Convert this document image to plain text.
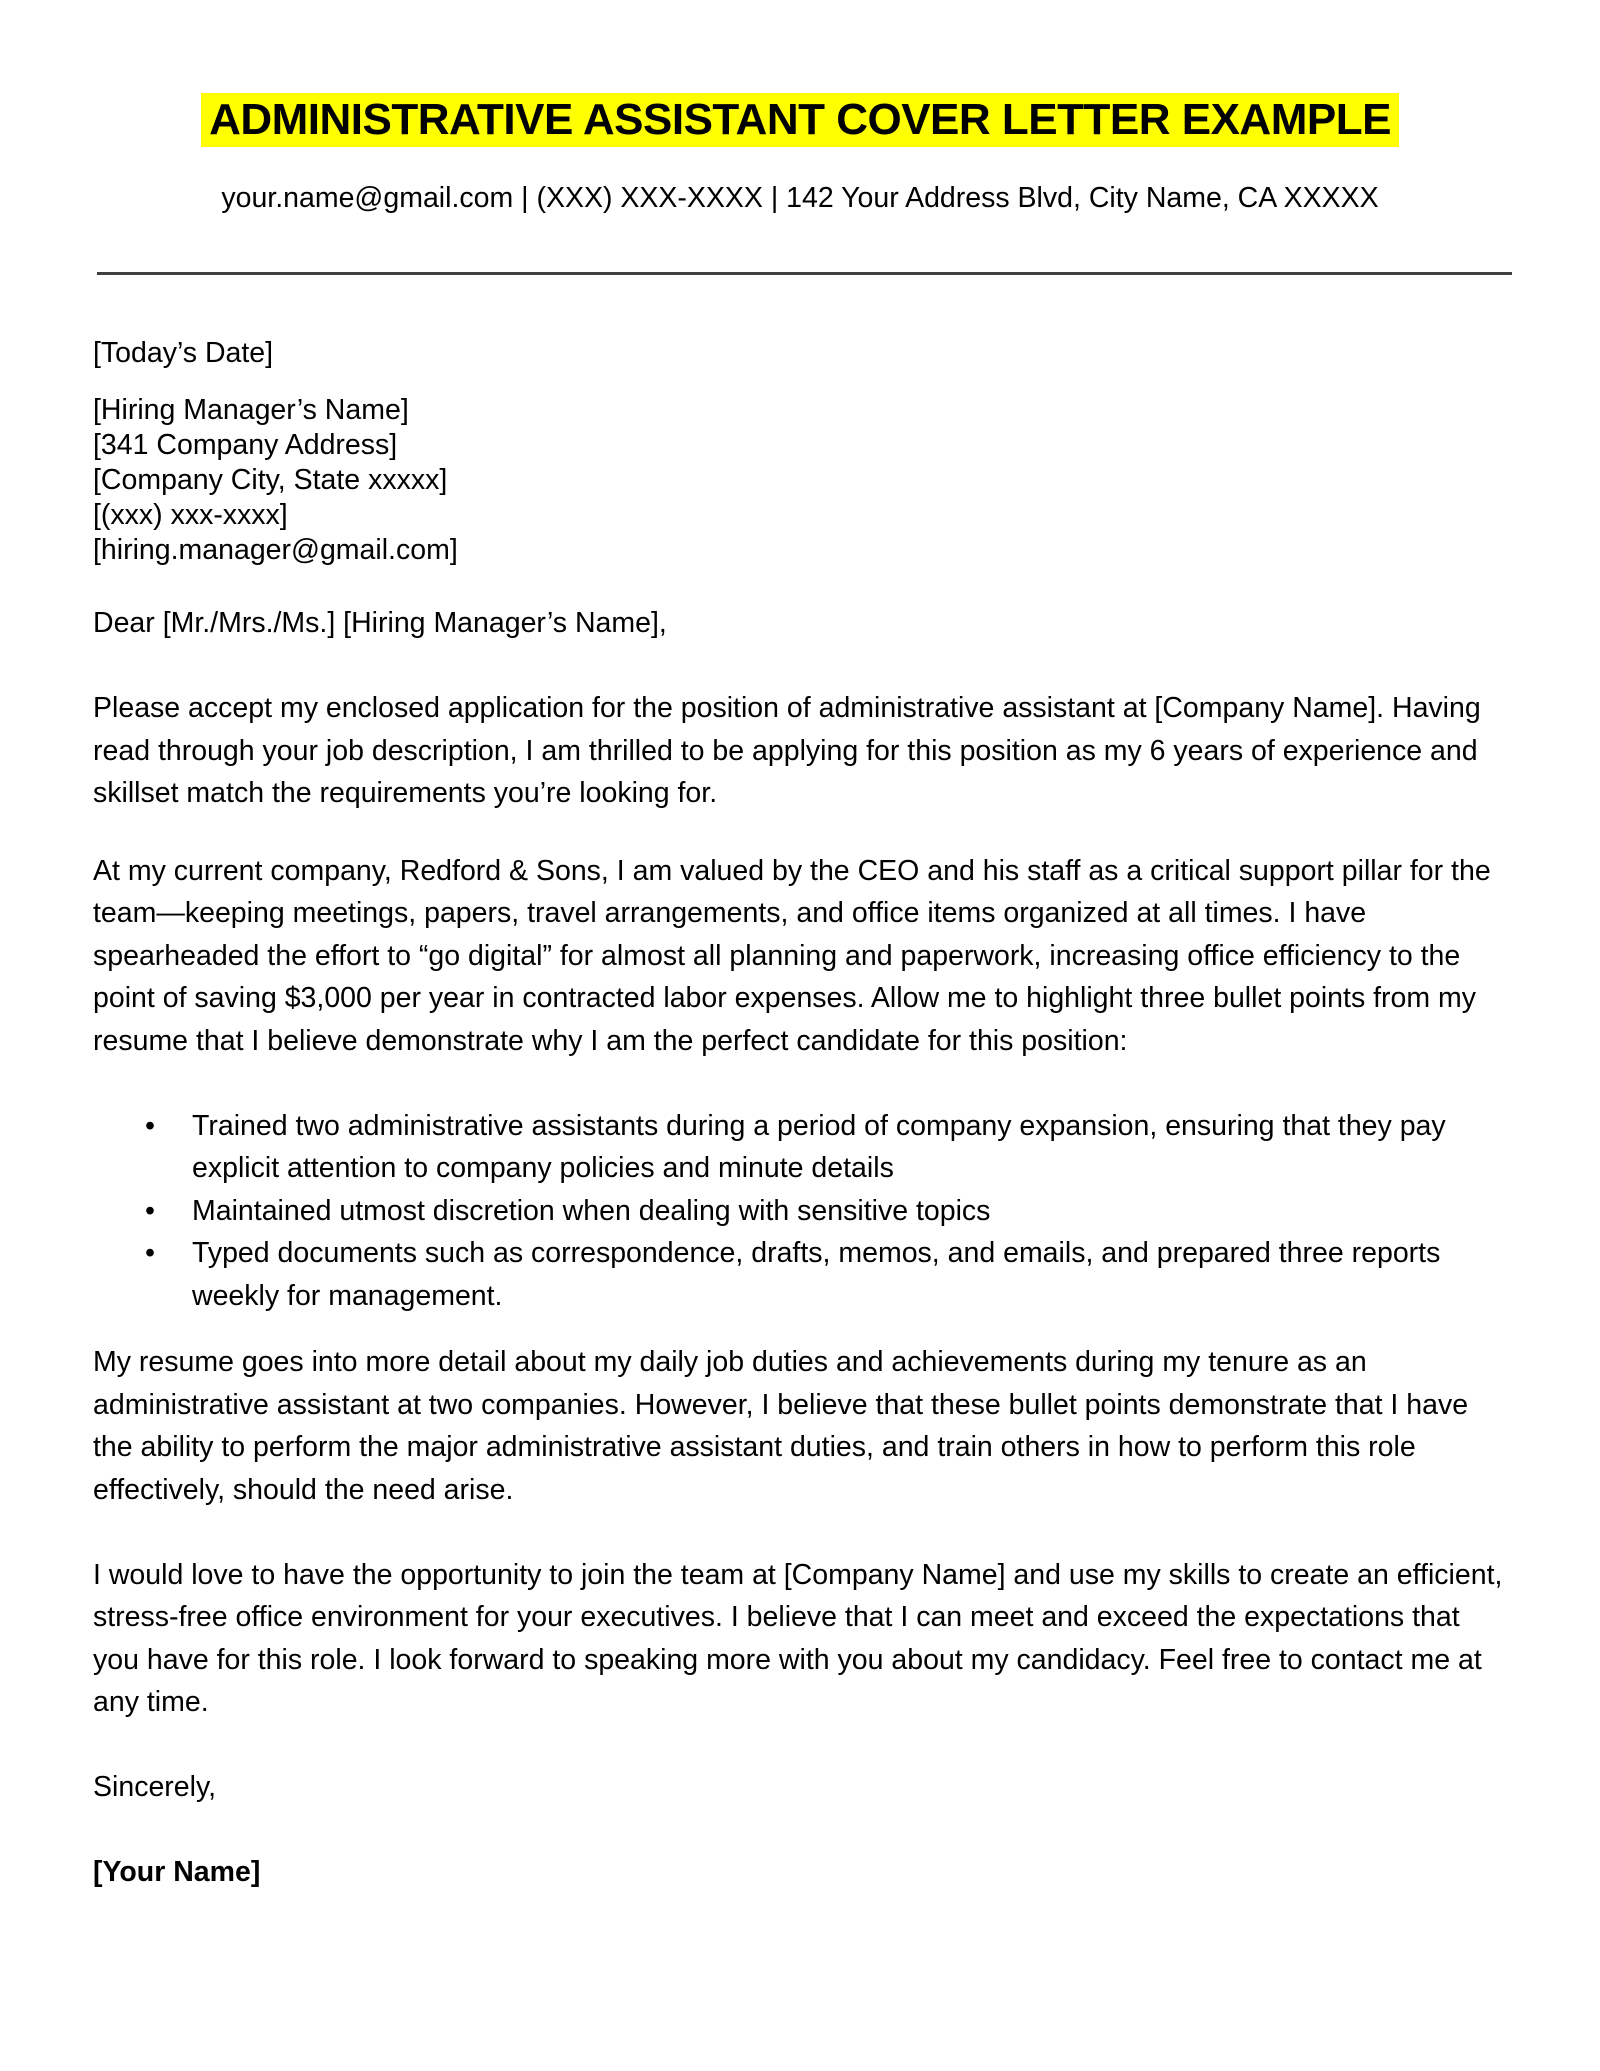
ADMINISTRATIVE ASSISTANT COVER LETTER EXAMPLE
your.name@gmail.com | (XXX) XXX-XXXX | 142 Your Address Blvd, City Name, CA XXXXX
[Today’s Date]
[Hiring Manager’s Name]
[341 Company Address]
[Company City, State xxxxx]
[(xxx) xxx-xxxx]
[hiring.manager@gmail.com]
Dear [Mr./Mrs./Ms.] [Hiring Manager’s Name],
Please accept my enclosed application for the position of administrative assistant at [Company Name]. Having read through your job description, I am thrilled to be applying for this position as my 6 years of experience and skillset match the requirements you’re looking for.
At my current company, Redford & Sons, I am valued by the CEO and his staff as a critical support pillar for the team—keeping meetings, papers, travel arrangements, and office items organized at all times. I have spearheaded the effort to “go digital” for almost all planning and paperwork, increasing office efficiency to the point of saving $3,000 per year in contracted labor expenses. Allow me to highlight three bullet points from my resume that I believe demonstrate why I am the perfect candidate for this position:
• Trained two administrative assistants during a period of company expansion, ensuring that they pay explicit attention to company policies and minute details
• Maintained utmost discretion when dealing with sensitive topics
• Typed documents such as correspondence, drafts, memos, and emails, and prepared three reports weekly for management.
My resume goes into more detail about my daily job duties and achievements during my tenure as an administrative assistant at two companies. However, I believe that these bullet points demonstrate that I have the ability to perform the major administrative assistant duties, and train others in how to perform this role effectively, should the need arise.
I would love to have the opportunity to join the team at [Company Name] and use my skills to create an efficient, stress-free office environment for your executives. I believe that I can meet and exceed the expectations that you have for this role. I look forward to speaking more with you about my candidacy. Feel free to contact me at any time.
Sincerely,
[Your Name]
